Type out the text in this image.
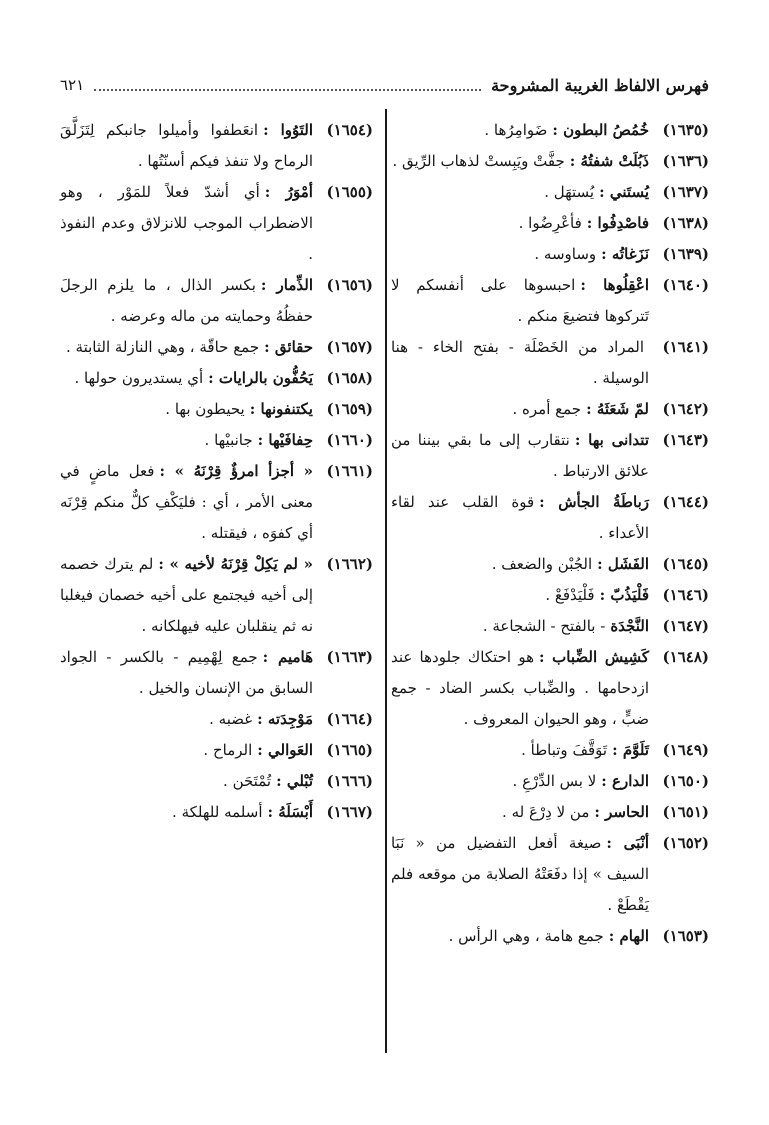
فهرس الالفاظ الغريبة المشروحة
٦٢١
(١٦٣٥)
خُمُصُ البطون :ضَوامِرُها .
(١٦٣٦)
ذَبُلَتْ شفتُهُ :جفَّتْ ويَبِستْ لذهاب الرِّيق .
(١٦٣٧)
يُستَني :يُستهَل .
(١٦٣٨)
فاصْدِفُوا :فأعْرِضُوا .
(١٦٣٩)
نَزَغاتُه :وساوسه .
(١٦٤٠)
اعْقِلُوها :احبسوها على أنفسكم لا تَتركوها فتضيعَ منكم .
(١٦٤١)
المراد من الخَصْلَة - بفتح الخاء - هنا الوسيلة .
(١٦٤٢)
لمّ شَعَثَهُ :جمع أمره .
(١٦٤٣)
تتدانى بها :نتقارب إلى ما بقي بيننا من علائق الارتباط .
(١٦٤٤)
رَباطَةُ الجأش :قوة القلب عند لقاء الأعداء .
(١٦٤٥)
الفَشَل :الجُبْن والضعف .
(١٦٤٦)
فَلْيَذُبّ :فَلْيَدْفَعْ .
(١٦٤٧)
النَّجْدَة- بالفتح - الشجاعة .
(١٦٤٨)
كَشِيش الضِّباب :هو احتكاك جلودها عند ازدحامها . والضِّباب بكسر الضاد - جمع ضبٍّ ، وهو الحيوان المعروف .
(١٦٤٩)
تَلَوَّمَ :تَوَقَّفَ وتباطأ .
(١٦٥٠)
الدارع :لا بس الدِّرْعِ .
(١٦٥١)
الحاسر :من لا دِرْعَ له .
(١٦٥٢)
أنْبَى :صيغة أفعل التفضيل من « نَبَا السيف » إذا دفَعَتْهُ الصلابة من موقعه فلم يَقْطَعْ .
(١٦٥٣)
الهام :جمع هامة ، وهي الرأس .
(١٦٥٤)
التَوُوا :انعَطفوا وأميلوا جانبكم لِتَزَلَّقَ الرماح ولا تنفذ فيكم أسنّتُها .
(١٦٥٥)
أمْوَرُ :أي أشدّ فعلاً للمَوْر ، وهو الاضطراب الموجب للانزلاق وعدم النفوذ .
(١٦٥٦)
الذِّمار :بكسر الذال ، ما يلزم الرجلَ حفظُهُ وحمايته من ماله وعرضه .
(١٦٥٧)
حقائق :جمع حاقّة ، وهي النازلة الثابتة .
(١٦٥٨)
يَحُفُّون بالرايات :أي يستديرون حولها .
(١٦٥٩)
يكتنفونها :يحيطون بها .
(١٦٦٠)
حِفافَيْها :جانبيْها .
(١٦٦١)
« أجزأ امرؤٌ قِرْنَهُ » :فعل ماضٍ في معنى الأمر ، أي : فليَكْفِ كلٌّ منكم قِرْنَه أي كفوَه ، فيقتله .
(١٦٦٢)
« لم يَكِلْ قِرْنَهُ لأخيه » :لم يترك خصمه إلى أخيه فيجتمع على أخيه خصمان فيغلبا نه ثم ينقلبان عليه فيهلكانه .
(١٦٦٣)
هَاميم :جمع لِهْمِيم - بالكسر - الجواد السابق من الإنسان والخيل .
(١٦٦٤)
مَوْجِدَته :غضبه .
(١٦٦٥)
العَوالي :الرماح .
(١٦٦٦)
تُبْلي :تُمْتَحَن .
(١٦٦٧)
أَبْسَلَهُ :أسلمه للهلكة .
